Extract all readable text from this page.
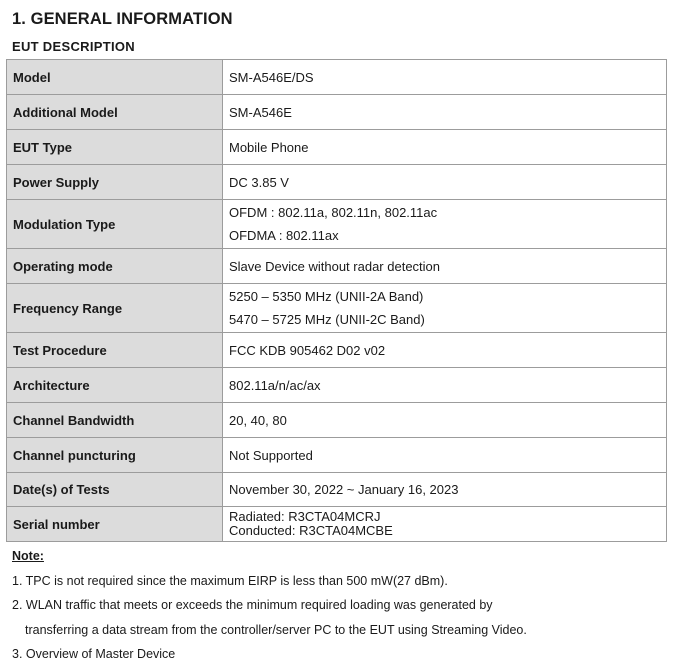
1. GENERAL INFORMATION
EUT DESCRIPTION
Model	SM-A546E/DS
Additional Model	SM-A546E
EUT Type	Mobile Phone
Power Supply	DC 3.85 V
Modulation Type	OFDM : 802.11a, 802.11n, 802.11ac
OFDMA : 802.11ax

Operating mode	Slave Device without radar detection
Frequency Range	5250 – 5350 MHz (UNII-2A Band)
5470 – 5725 MHz (UNII-2C Band)

Test Procedure	FCC KDB 905462 D02 v02
Architecture	802.11a/n/ac/ax
Channel Bandwidth	20, 40, 80
Channel puncturing	Not Supported
Date(s) of Tests	November 30, 2022 ~ January 16, 2023
Serial number	Radiated: R3CTA04MCRJ
Conducted: R3CTA04MCBE
Note:
1. TPC is not required since the maximum EIRP is less than 500 mW(27 dBm).
2. WLAN traffic that meets or exceeds the minimum required loading was generated by
transferring a data stream from the controller/server PC to the EUT using Streaming Video.
3. Overview of Master Device
